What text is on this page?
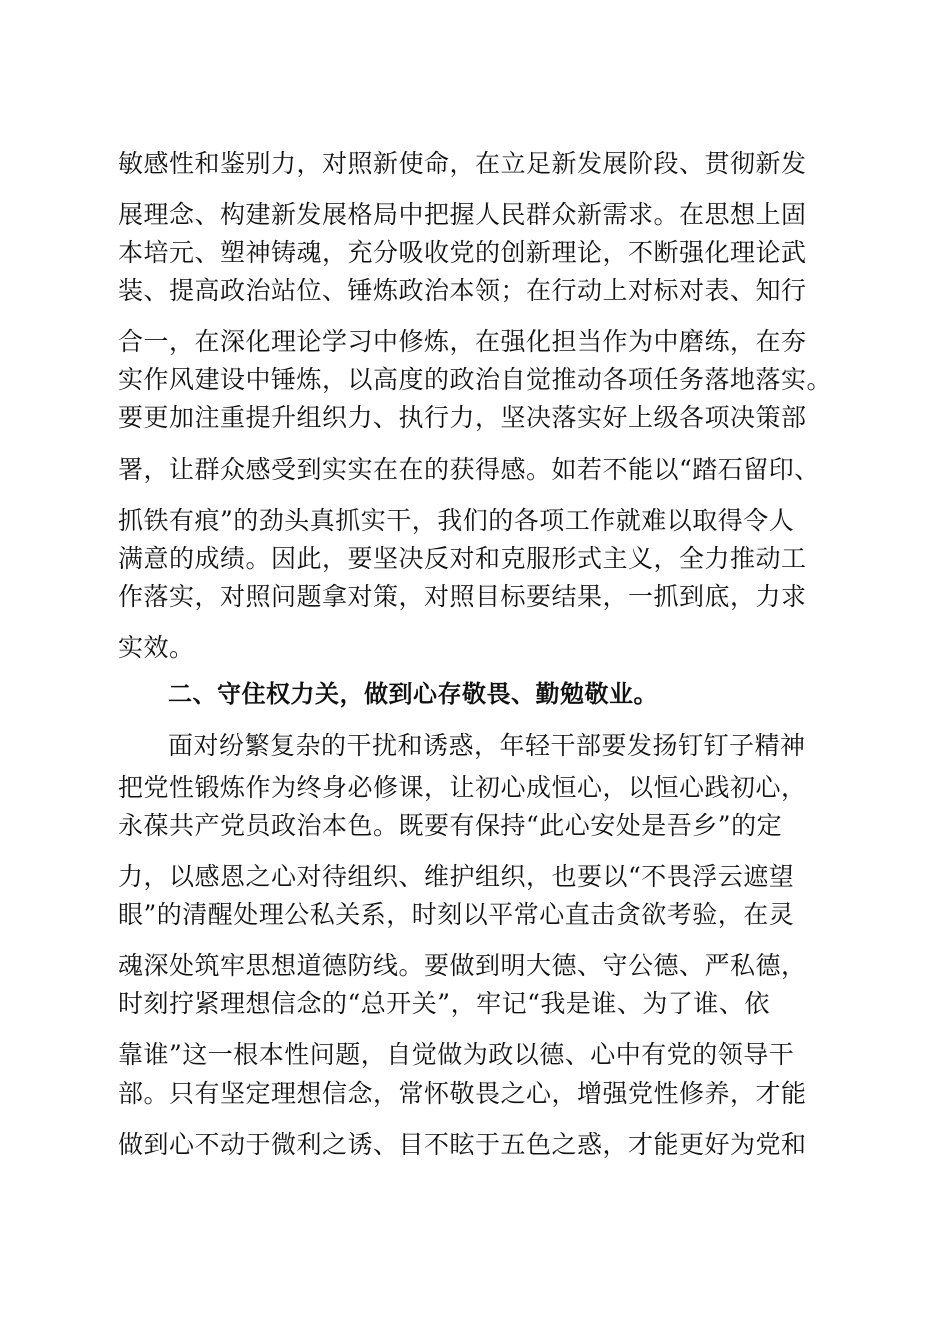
敏感性和鉴别力，对照新使命，在立足新发展阶段、贯彻新发
展理念、构建新发展格局中把握人民群众新需求。在思想上固
本培元、塑神铸魂，充分吸收党的创新理论，不断强化理论武
装、提高政治站位、锤炼政治本领；在行动上对标对表、知行
合一，在深化理论学习中修炼，在强化担当作为中磨练，在夯
实作风建设中锤炼，以高度的政治自觉推动各项任务落地落实。
要更加注重提升组织力、执行力，坚决落实好上级各项决策部
署，让群众感受到实实在在的获得感。如若不能以“踏石留印、
抓铁有痕”的劲头真抓实干，我们的各项工作就难以取得令人
满意的成绩。因此，要坚决反对和克服形式主义，全力推动工
作落实，对照问题拿对策，对照目标要结果，一抓到底，力求
实效。
二、守住权力关，做到心存敬畏、勤勉敬业。
面对纷繁复杂的干扰和诱惑，年轻干部要发扬钉钉子精神
把党性锻炼作为终身必修课，让初心成恒心，以恒心践初心，
永葆共产党员政治本色。既要有保持“此心安处是吾乡”的定
力，以感恩之心对待组织、维护组织，也要以“不畏浮云遮望
眼”的清醒处理公私关系，时刻以平常心直击贪欲考验，在灵
魂深处筑牢思想道德防线。要做到明大德、守公德、严私德，
时刻拧紧理想信念的“总开关”，牢记“我是谁、为了谁、依
靠谁”这一根本性问题，自觉做为政以德、心中有党的领导干
部。只有坚定理想信念，常怀敬畏之心，增强党性修养，才能
做到心不动于微利之诱、目不眩于五色之惑，才能更好为党和
